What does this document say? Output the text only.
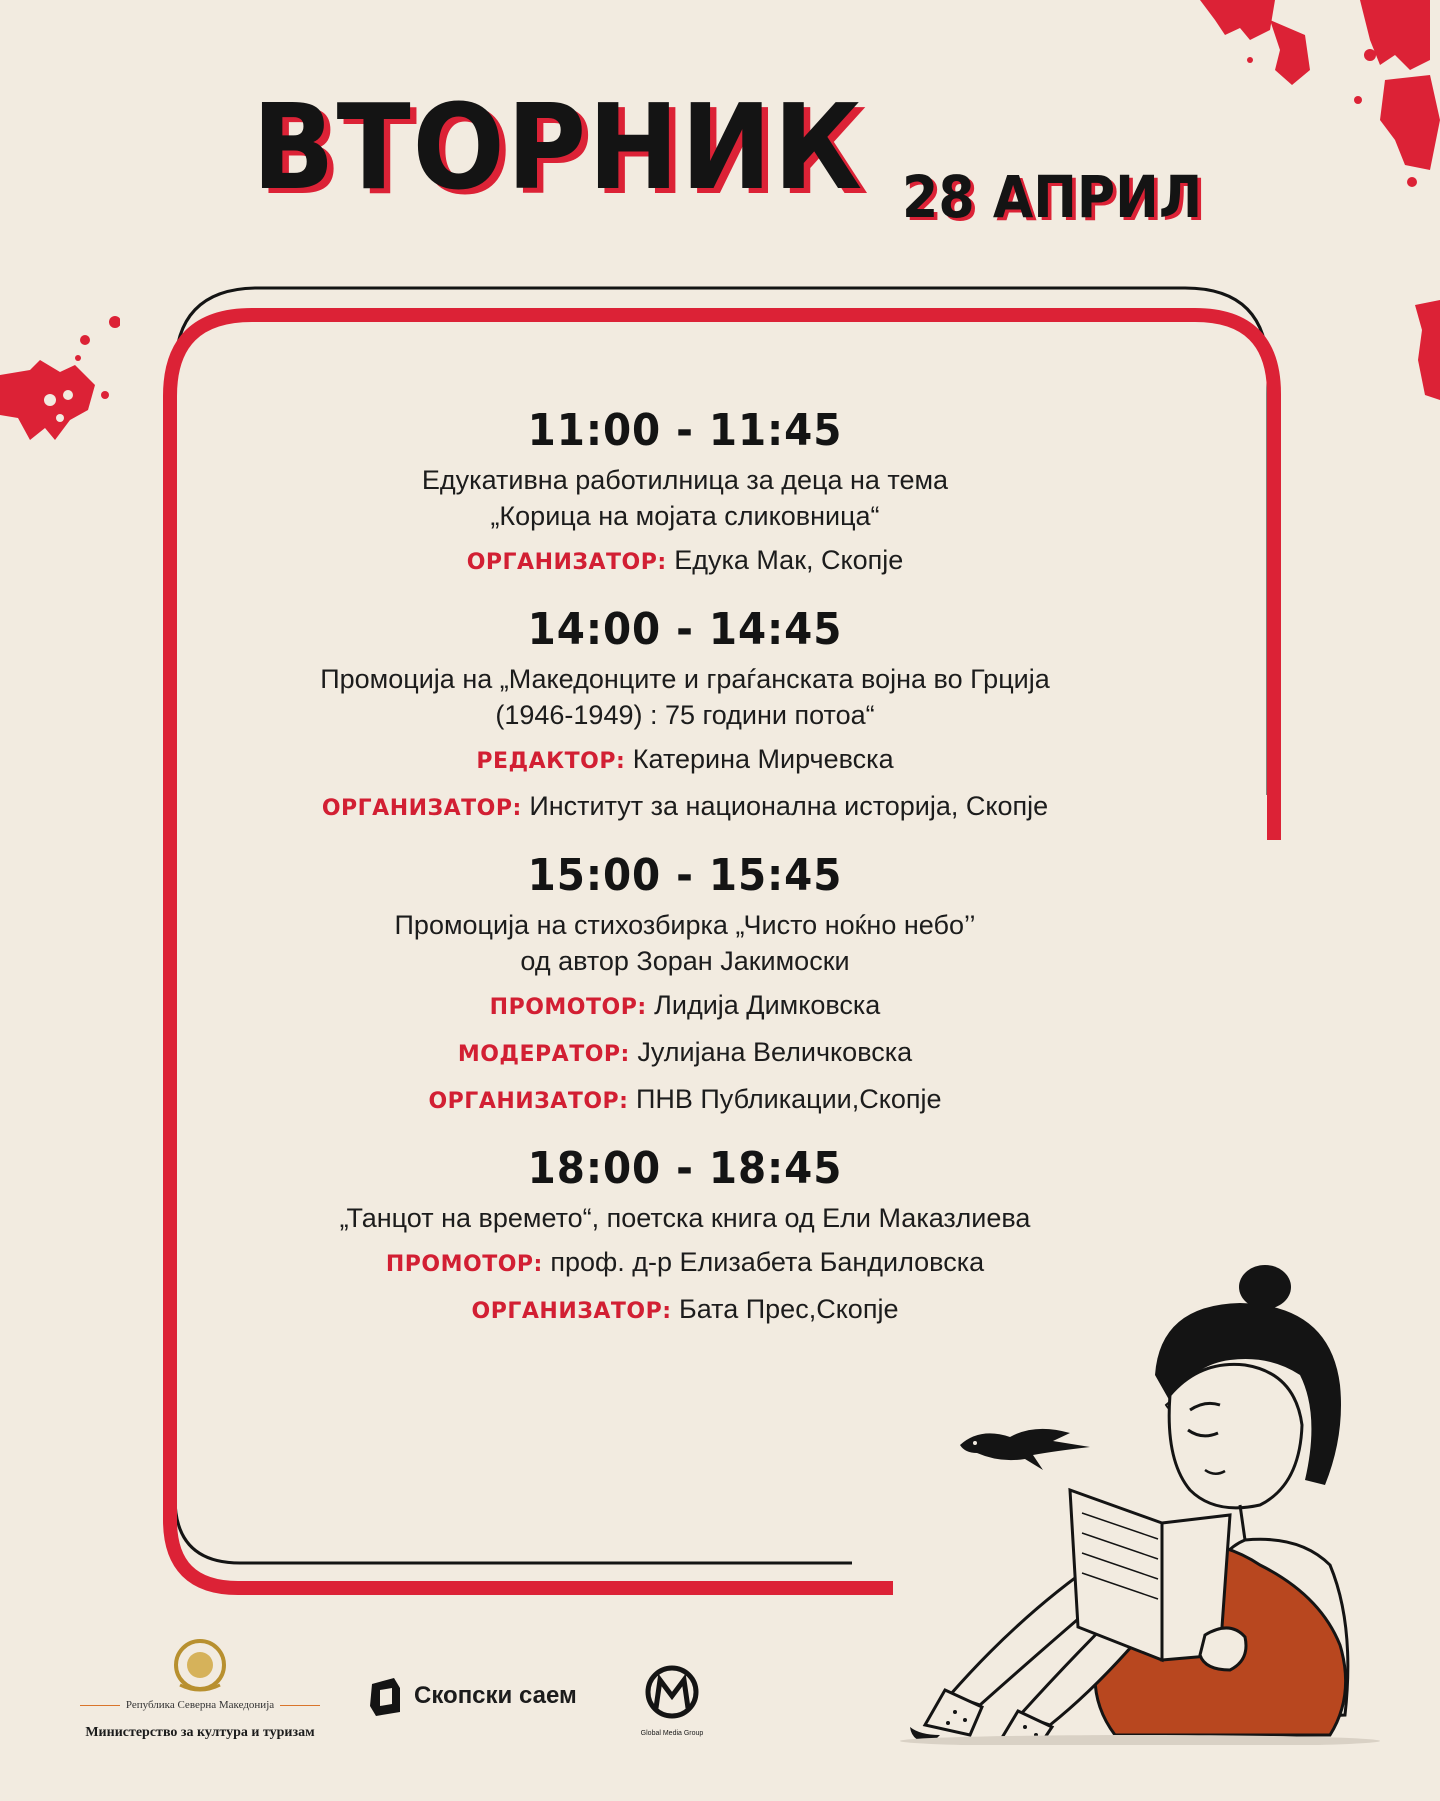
ВТОРНИК 28 АПРИЛ
11:00 - 11:45
Едукативна работилница за деца на тема
„Корица на мојата сликовница“
ОРГАНИЗАТОР: Едука Мак, Скопје
14:00 - 14:45
Промоција на „Македонците и граѓанската војна во Грција
(1946-1949) : 75 години потоа“
РЕДАКТОР: Катерина Мирчевска
ОРГАНИЗАТОР: Институт за национална историја, Скопје
15:00 - 15:45
Промоција на стихозбирка „Чисто ноќно небо’’
од автор Зоран Јакимоски
ПРОМОТОР: Лидија Димковска
МОДЕРАТОР: Јулијана Величковска
ОРГАНИЗАТОР: ПНВ Публикации,Скопје
18:00 - 18:45
„Танцот на времето“, поетска книга од Ели Маказлиева
ПРОМОТОР: проф. д-р Елизабета Бандиловска
ОРГАНИЗАТОР: Бата Прес,Скопје
Република Северна Македонија
Министерство за култура и туризам
Скопски саем
Global Media Group
